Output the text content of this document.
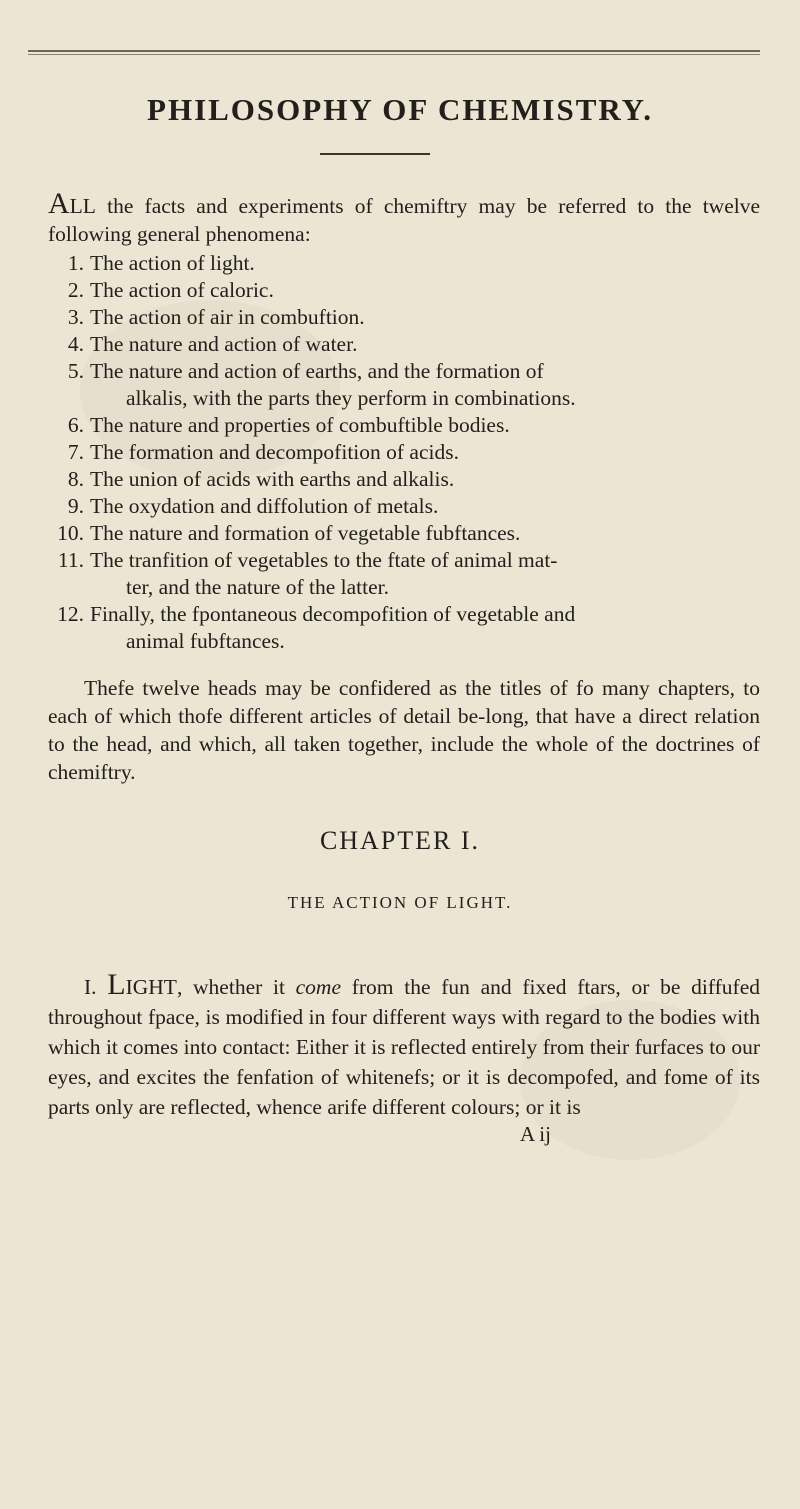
PHILOSOPHY OF CHEMISTRY.
ALL the facts and experiments of chemiftry may be referred to the twelve following general phenomena:
1. The action of light.
2. The action of caloric.
3. The action of air in combuftion.
4. The nature and action of water.
5. The nature and action of earths, and the formation of
alkalis, with the parts they perform in combinations.
6. The nature and properties of combuftible bodies.
7. The formation and decompofition of acids.
8. The union of acids with earths and alkalis.
9. The oxydation and diffolution of metals.
10. The nature and formation of vegetable fubftances.
11. The tranfition of vegetables to the ftate of animal mat-
ter, and the nature of the latter.
12. Finally, the fpontaneous decompofition of vegetable and
animal fubftances.
Thefe twelve heads may be confidered as the titles of fo many chapters, to each of which thofe different articles of detail be-long, that have a direct relation to the head, and which, all taken together, include the whole of the doctrines of chemiftry.
CHAPTER I.
THE ACTION OF LIGHT.
I. LIGHT, whether it come from the fun and fixed ftars, or be diffufed throughout fpace, is modified in four different ways with regard to the bodies with which it comes into contact: Either it is reflected entirely from their furfaces to our eyes, and excites the fenfation of whitenefs; or it is decompofed, and fome of its parts only are reflected, whence arife different colours; or it is
A ij
